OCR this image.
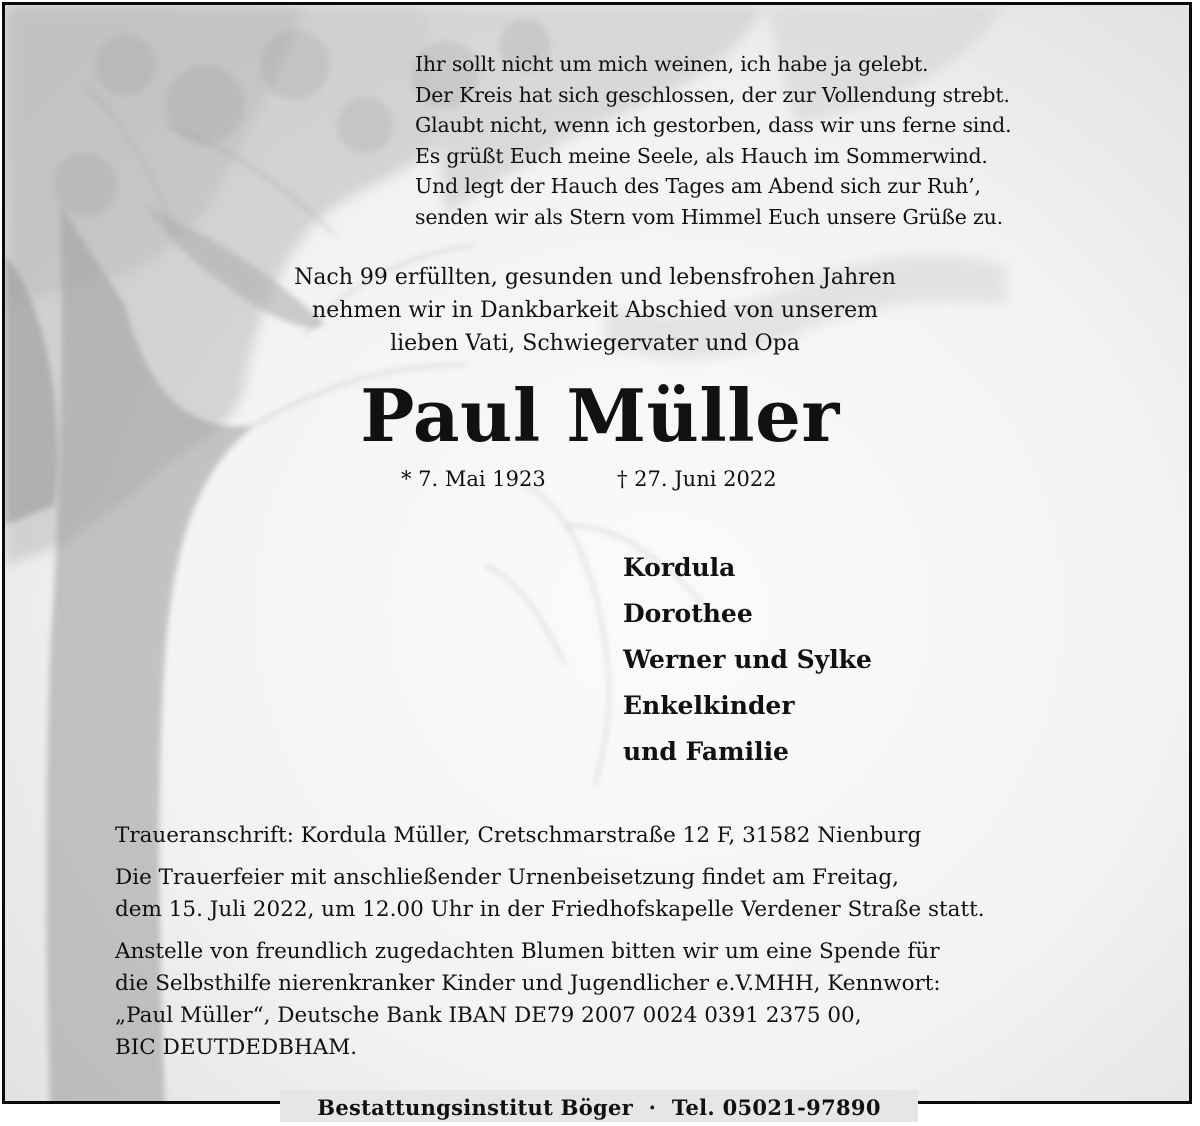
Ihr sollt nicht um mich weinen, ich habe ja gelebt.
Der Kreis hat sich geschlossen, der zur Vollendung strebt.
Glaubt nicht, wenn ich gestorben, dass wir uns ferne sind.
Es grüßt Euch meine Seele, als Hauch im Sommerwind.
Und legt der Hauch des Tages am Abend sich zur Ruh’,
senden wir als Stern vom Himmel Euch unsere Grüße zu.
Nach 99 erfüllten, gesunden und lebensfrohen Jahren
nehmen wir in Dankbarkeit Abschied von unserem
lieben Vati, Schwiegervater und Opa
Paul Müller
* 7. Mai 1923	† 27. Juni 2022
Kordula
Dorothee
Werner und Sylke
Enkelkinder
und Familie

Traueranschrift: Kordula Müller, Cretschmarstraße 12 F, 31582 Nienburg

Die Trauerfeier mit anschließender Urnenbeisetzung findet am Freitag,
dem 15. Juli 2022, um 12.00 Uhr in der Friedhofskapelle Verdener Straße statt.

Anstelle von freundlich zugedachten Blumen bitten wir um eine Spende für
die Selbsthilfe nierenkranker Kinder und Jugendlicher e.V.MHH, Kennwort:
„Paul Müller“, Deutsche Bank IBAN DE79 2007 0024 0391 2375 00,
BIC DEUTDEDBHAM.

Bestattungsinstitut Böger · Tel. 05021-97890
